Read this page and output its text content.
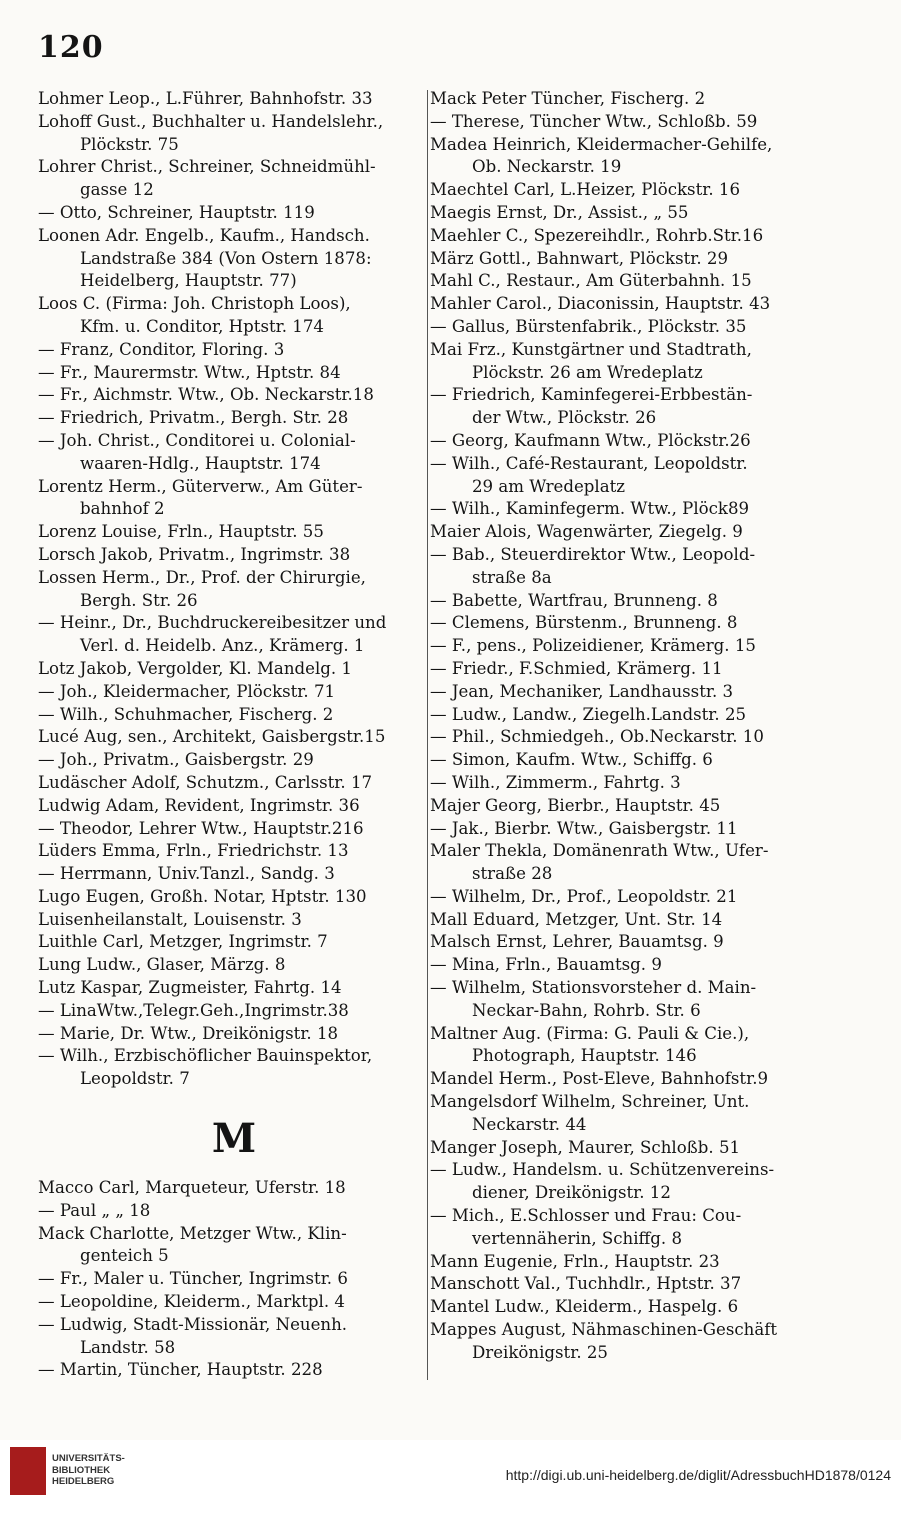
120
Lohmer Leop., L.Führer, Bahnhofstr. 33
Lohoff Gust., Buchhalter u. Handelslehr.,
Plöckstr. 75
Lohrer Christ., Schreiner, Schneidmühl-
gasse 12
— Otto, Schreiner, Hauptstr. 119
Loonen Adr. Engelb., Kaufm., Handsch.
Landstraße 384 (Von Ostern 1878:
Heidelberg, Hauptstr. 77)
Loos C. (Firma: Joh. Christoph Loos),
Kfm. u. Conditor, Hptstr. 174
— Franz, Conditor, Floring. 3
— Fr., Maurermstr. Wtw., Hptstr. 84
— Fr., Aichmstr. Wtw., Ob. Neckarstr.18
— Friedrich, Privatm., Bergh. Str. 28
— Joh. Christ., Conditorei u. Colonial-
waaren-Hdlg., Hauptstr. 174
Lorentz Herm., Güterverw., Am Güter-
bahnhof 2
Lorenz Louise, Frln., Hauptstr. 55
Lorsch Jakob, Privatm., Ingrimstr. 38
Lossen Herm., Dr., Prof. der Chirurgie,
Bergh. Str. 26
— Heinr., Dr., Buchdruckereibesitzer und
Verl. d. Heidelb. Anz., Krämerg. 1
Lotz Jakob, Vergolder, Kl. Mandelg. 1
— Joh., Kleidermacher, Plöckstr. 71
— Wilh., Schuhmacher, Fischerg. 2
Lucé Aug, sen., Architekt, Gaisbergstr.15
— Joh., Privatm., Gaisbergstr. 29
Ludäscher Adolf, Schutzm., Carlsstr. 17
Ludwig Adam, Revident, Ingrimstr. 36
— Theodor, Lehrer Wtw., Hauptstr.216
Lüders Emma, Frln., Friedrichstr. 13
— Herrmann, Univ.Tanzl., Sandg. 3
Lugo Eugen, Großh. Notar, Hptstr. 130
Luisenheilanstalt, Louisenstr. 3
Luithle Carl, Metzger, Ingrimstr. 7
Lung Ludw., Glaser, Märzg. 8
Lutz Kaspar, Zugmeister, Fahrtg. 14
— LinaWtw.,Telegr.Geh.,Ingrimstr.38
— Marie, Dr. Wtw., Dreikönigstr. 18
— Wilh., Erzbischöflicher Bauinspektor,
Leopoldstr. 7
M
Macco Carl, Marqueteur, Uferstr. 18
— Paul „ „ 18
Mack Charlotte, Metzger Wtw., Klin-
genteich 5
— Fr., Maler u. Tüncher, Ingrimstr. 6
— Leopoldine, Kleiderm., Marktpl. 4
— Ludwig, Stadt-Missionär, Neuenh.
Landstr. 58
— Martin, Tüncher, Hauptstr. 228
Mack Peter Tüncher, Fischerg. 2
— Therese, Tüncher Wtw., Schloßb. 59
Madea Heinrich, Kleidermacher-Gehilfe,
Ob. Neckarstr. 19
Maechtel Carl, L.Heizer, Plöckstr. 16
Maegis Ernst, Dr., Assist., „ 55
Maehler C., Spezereihdlr., Rohrb.Str.16
März Gottl., Bahnwart, Plöckstr. 29
Mahl C., Restaur., Am Güterbahnh. 15
Mahler Carol., Diaconissin, Hauptstr. 43
— Gallus, Bürstenfabrik., Plöckstr. 35
Mai Frz., Kunstgärtner und Stadtrath,
Plöckstr. 26 am Wredeplatz
— Friedrich, Kaminfegerei-Erbbestän-
der Wtw., Plöckstr. 26
— Georg, Kaufmann Wtw., Plöckstr.26
— Wilh., Café-Restaurant, Leopoldstr.
29 am Wredeplatz
— Wilh., Kaminfegerm. Wtw., Plöck89
Maier Alois, Wagenwärter, Ziegelg. 9
— Bab., Steuerdirektor Wtw., Leopold-
straße 8a
— Babette, Wartfrau, Brunneng. 8
— Clemens, Bürstenm., Brunneng. 8
— F., pens., Polizeidiener, Krämerg. 15
— Friedr., F.Schmied, Krämerg. 11
— Jean, Mechaniker, Landhausstr. 3
— Ludw., Landw., Ziegelh.Landstr. 25
— Phil., Schmiedgeh., Ob.Neckarstr. 10
— Simon, Kaufm. Wtw., Schiffg. 6
— Wilh., Zimmerm., Fahrtg. 3
Majer Georg, Bierbr., Hauptstr. 45
— Jak., Bierbr. Wtw., Gaisbergstr. 11
Maler Thekla, Domänenrath Wtw., Ufer-
straße 28
— Wilhelm, Dr., Prof., Leopoldstr. 21
Mall Eduard, Metzger, Unt. Str. 14
Malsch Ernst, Lehrer, Bauamtsg. 9
— Mina, Frln., Bauamtsg. 9
— Wilhelm, Stationsvorsteher d. Main-
Neckar-Bahn, Rohrb. Str. 6
Maltner Aug. (Firma: G. Pauli & Cie.),
Photograph, Hauptstr. 146
Mandel Herm., Post-Eleve, Bahnhofstr.9
Mangelsdorf Wilhelm, Schreiner, Unt.
Neckarstr. 44
Manger Joseph, Maurer, Schloßb. 51
— Ludw., Handelsm. u. Schützenvereins-
diener, Dreikönigstr. 12
— Mich., E.Schlosser und Frau: Cou-
vertennäherin, Schiffg. 8
Mann Eugenie, Frln., Hauptstr. 23
Manschott Val., Tuchhdlr., Hptstr. 37
Mantel Ludw., Kleiderm., Haspelg. 6
Mappes August, Nähmaschinen-Geschäft
Dreikönigstr. 25
UNIVERSITÄTS-
BIBLIOTHEK
HEIDELBERG	http://digi.ub.uni-heidelberg.de/diglit/AdressbuchHD1878/0124
